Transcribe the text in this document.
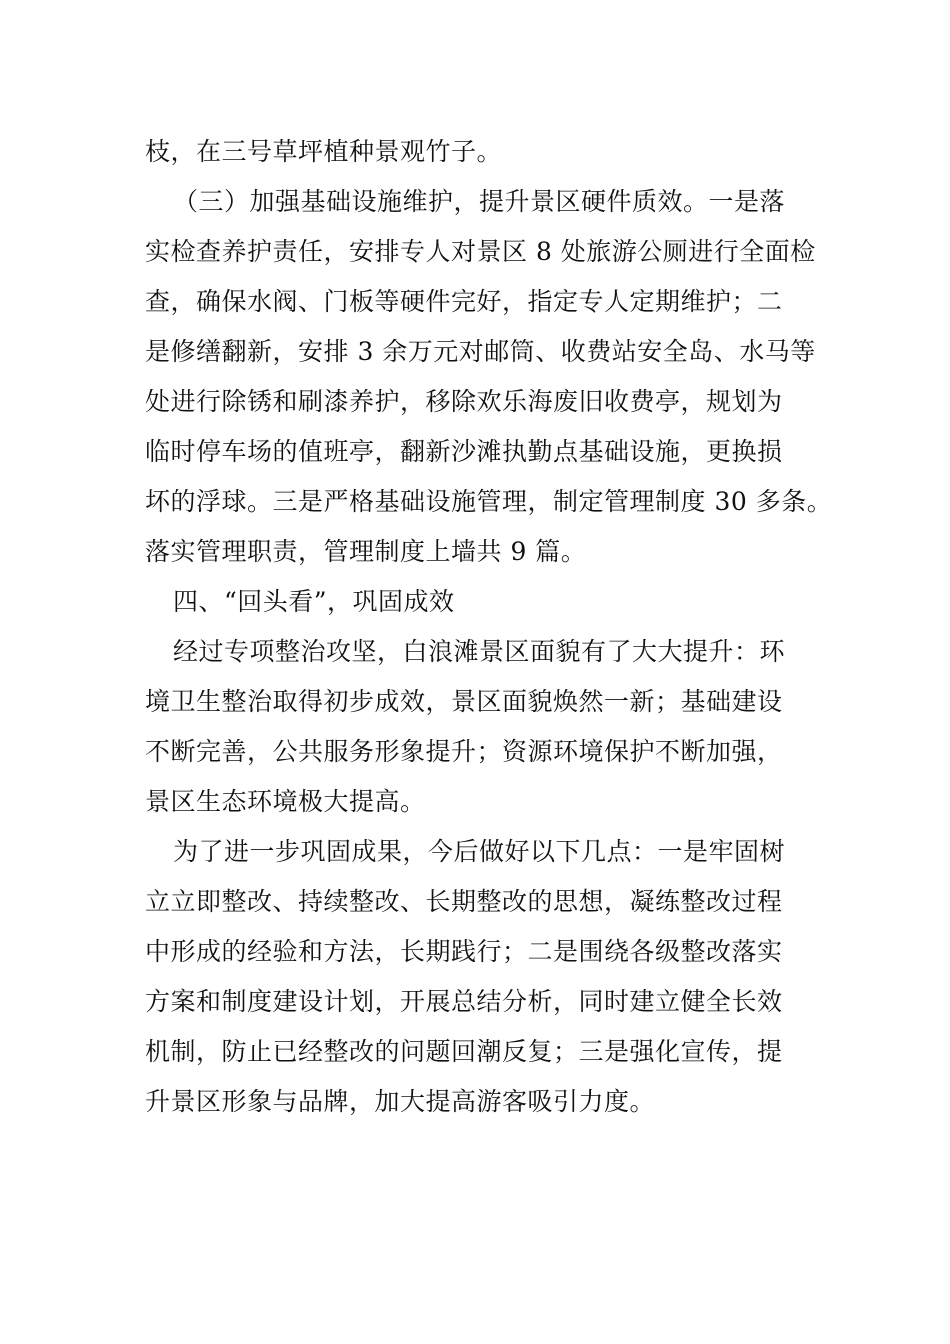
枝，在三号草坪植种景观竹子。
（三）加强基础设施维护，提升景区硬件质效。一是落
实检查养护责任，安排专人对景区 8 处旅游公厕进行全面检
查，确保水阀、门板等硬件完好，指定专人定期维护；二
是修缮翻新，安排 3 余万元对邮筒、收费站安全岛、水马等
处进行除锈和刷漆养护，移除欢乐海废旧收费亭，规划为
临时停车场的值班亭，翻新沙滩执勤点基础设施，更换损
坏的浮球。三是严格基础设施管理，制定管理制度 30 多条。
落实管理职责，管理制度上墙共 9 篇。
四、“回头看”，巩固成效
经过专项整治攻坚，白浪滩景区面貌有了大大提升：环
境卫生整治取得初步成效，景区面貌焕然一新；基础建设
不断完善，公共服务形象提升；资源环境保护不断加强，
景区生态环境极大提高。
为了进一步巩固成果，今后做好以下几点：一是牢固树
立立即整改、持续整改、长期整改的思想，凝练整改过程
中形成的经验和方法，长期践行；二是围绕各级整改落实
方案和制度建设计划，开展总结分析，同时建立健全长效
机制，防止已经整改的问题回潮反复；三是强化宣传，提
升景区形象与品牌，加大提高游客吸引力度。
